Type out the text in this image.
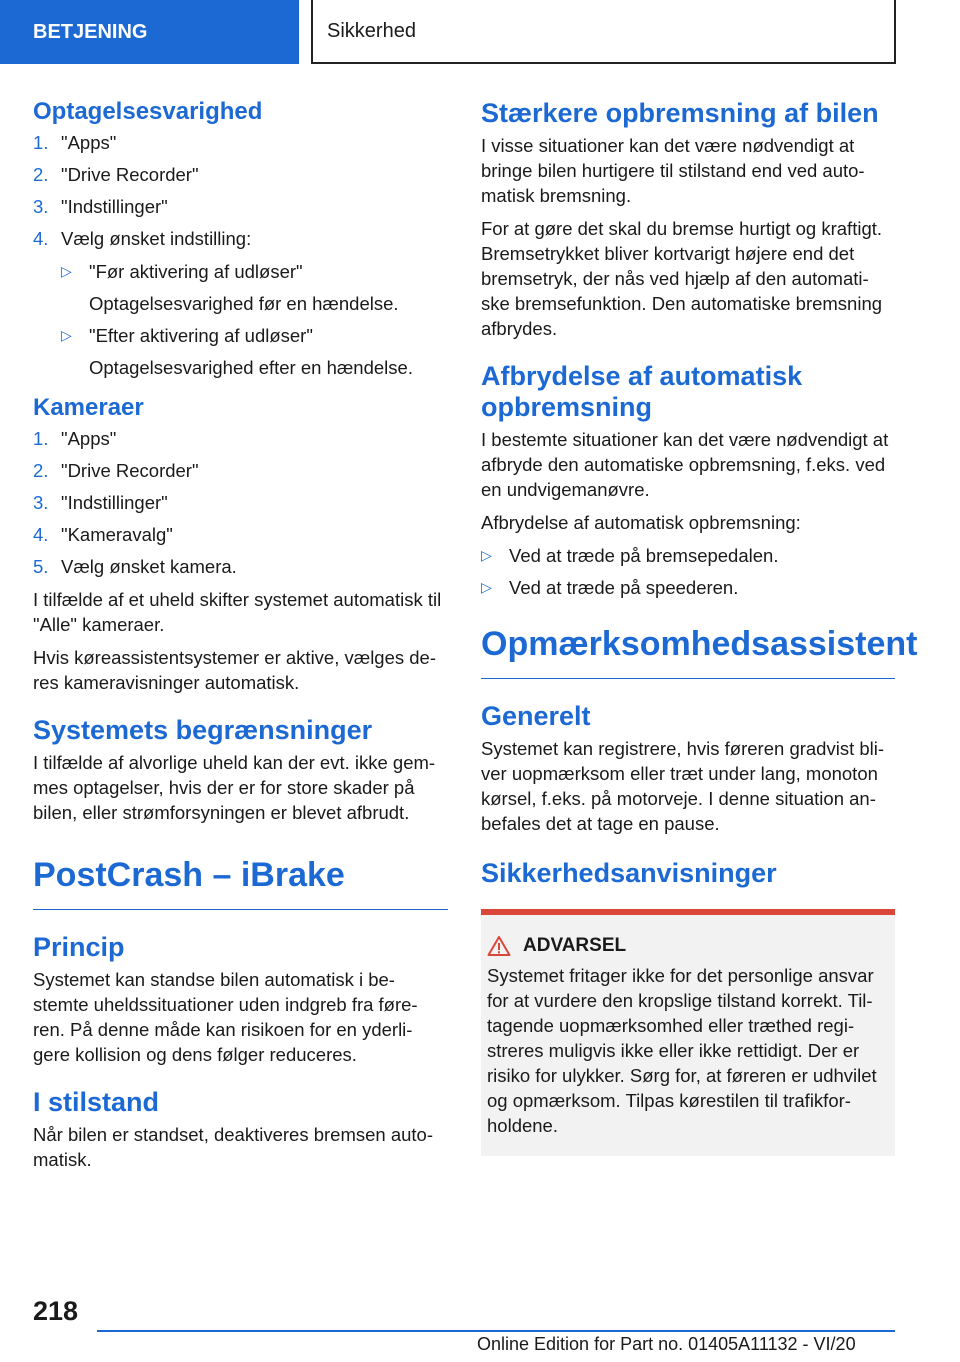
BETJENING	Sikkerhed
Optagelsesvarighed
1. "Apps"
2. "Drive Recorder"
3. "Indstillinger"
4. Vælg ønsket indstilling:
▷ "Før aktivering af udløser"
Optagelsesvarighed før en hændelse.
▷ "Efter aktivering af udløser"
Optagelsesvarighed efter en hændelse.
Kameraer
1. "Apps"
2. "Drive Recorder"
3. "Indstillinger"
4. "Kameravalg"
5. Vælg ønsket kamera.

I tilfælde af et uheld skifter systemet automatisk til "Alle" kameraer.

Hvis køreassistentsystemer er aktive, vælges de-res kameravisninger automatisk.

Systemets begrænsninger

I tilfælde af alvorlige uheld kan der evt. ikke gem-mes optagelser, hvis der er for store skader på bilen, eller strømforsyningen er blevet afbrudt.

PostCrash – iBrake
Princip

Systemet kan standse bilen automatisk i be-stemte uheldssituationer uden indgreb fra føre-ren. På denne måde kan risikoen for en yderli-gere kollision og dens følger reduceres.

I stilstand

Når bilen er standset, deaktiveres bremsen auto-matisk.

Stærkere opbremsning af bilen

I visse situationer kan det være nødvendigt at bringe bilen hurtigere til stilstand end ved auto-matisk bremsning.

For at gøre det skal du bremse hurtigt og kraftigt. Bremsetrykket bliver kortvarigt højere end det bremsetryk, der nås ved hjælp af den automati-ske bremsefunktion. Den automatiske bremsning afbrydes.

Afbrydelse af automatisk opbremsning

I bestemte situationer kan det være nødvendigt at afbryde den automatiske opbremsning, f.eks. ved en undvigemanøvre.

Afbrydelse af automatisk opbremsning:

▷ Ved at træde på bremsepedalen.
▷ Ved at træde på speederen.
Opmærksomhedsassistent
Generelt

Systemet kan registrere, hvis føreren gradvist bli-ver uopmærksom eller træt under lang, monoton kørsel, f.eks. på motorveje. I denne situation an-befales det at tage en pause.

Sikkerhedsanvisninger
ADVARSEL

Systemet fritager ikke for det personlige ansvar for at vurdere den kropslige tilstand korrekt. Til-tagende uopmærksomhed eller træthed regi-streres muligvis ikke eller ikke rettidigt. Der er risiko for ulykker. Sørg for, at føreren er udhvilet og opmærksom. Tilpas kørestilen til trafikfor-holdene.

218
Online Edition for Part no. 01405A11132 - VI/20
